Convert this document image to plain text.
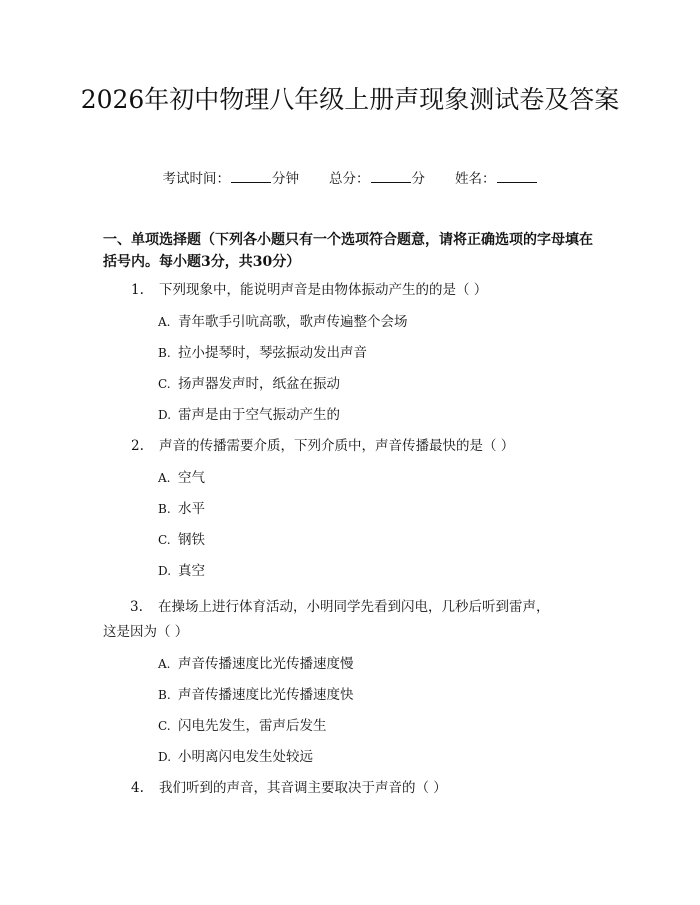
2026年初中物理八年级上册声现象测试卷及答案
考试时间：	分钟 总分：	分 姓名：

一、单项选择题（下列各小题只有一个选项符合题意，请将正确选项的字母填在括号内。每小题3分，共30分）

1. 下列现象中，能说明声音是由物体振动产生的的是（ ）
A. 青年歌手引吭高歌，歌声传遍整个会场
B. 拉小提琴时，琴弦振动发出声音
C. 扬声器发声时，纸盆在振动
D. 雷声是由于空气振动产生的
2. 声音的传播需要介质，下列介质中，声音传播最快的是（ ）
A. 空气
B. 水平
C. 钢铁
D. 真空
3. 在操场上进行体育活动，小明同学先看到闪电，几秒后听到雷声，这是因为（ ）
A. 声音传播速度比光传播速度慢
B. 声音传播速度比光传播速度快
C. 闪电先发生，雷声后发生
D. 小明离闪电发生处较远
4. 我们听到的声音，其音调主要取决于声音的（ ）
